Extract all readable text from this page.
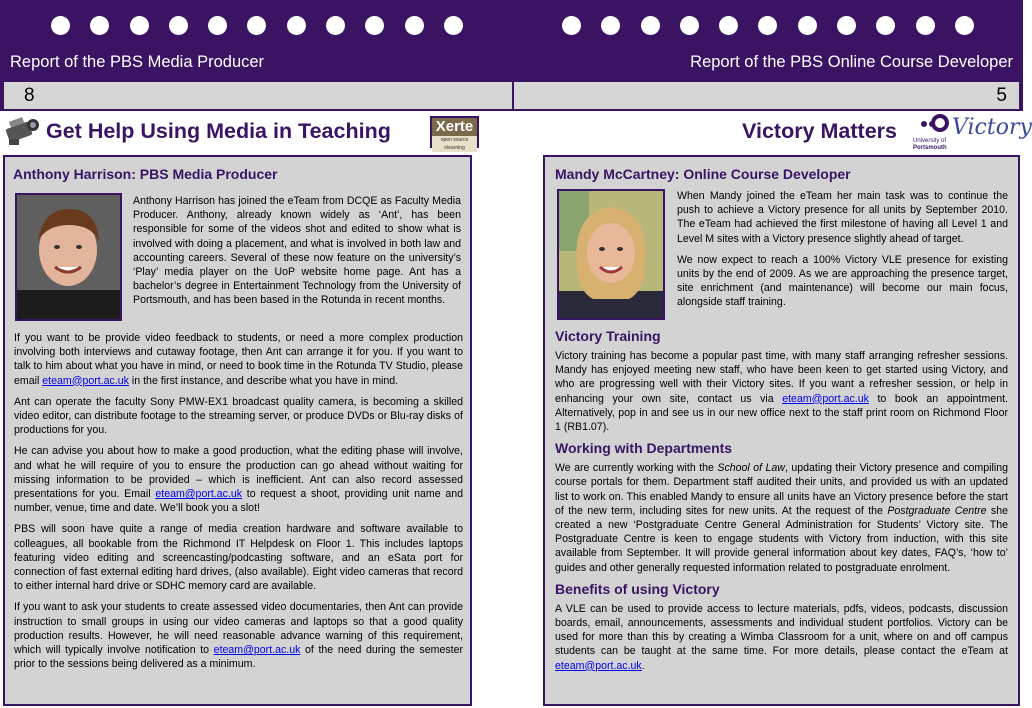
Report of the PBS Media Producer	Report of the PBS Online Course Developer
8	5
Get Help Using Media in Teaching	Xerte
open source elearning
Victory Matters	University of
Portsmouth
Victory
Anthony Harrison: PBS Media Producer
Anthony Harrison has joined the eTeam from DCQE as Faculty Media Producer. Anthony, already known widely as ‘Ant’, has been responsible for some of the videos shot and edited to show what is involved with doing a placement, and what is involved in both law and accounting careers. Several of these now feature on the university’s ‘Play’ media player on the UoP website home page. Ant has a bachelor’s degree in Entertainment Technology from the University of Portsmouth, and has been based in the Rotunda in recent months.

If you want to be provide video feedback to students, or need a more complex production involving both interviews and cutaway footage, then Ant can arrange it for you. If you want to talk to him about what you have in mind, or need to book time in the Rotunda TV Studio, please email eteam@port.ac.uk in the first instance, and describe what you have in mind.

Ant can operate the faculty Sony PMW-EX1 broadcast quality camera, is becoming a skilled video editor, can distribute footage to the streaming server, or produce DVDs or Blu-ray disks of productions for you.

He can advise you about how to make a good production, what the editing phase will involve, and what he will require of you to ensure the production can go ahead without waiting for missing information to be provided – which is inefficient. Ant can also record assessed presentations for you. Email eteam@port.ac.uk to request a shoot, providing unit name and number, venue, time and date. We’ll book you a slot!

PBS will soon have quite a range of media creation hardware and software available to colleagues, all bookable from the Richmond IT Helpdesk on Floor 1. This includes laptops featuring video editing and screencasting/podcasting software, and an eSata port for connection of fast external editing hard drives, (also available). Eight video cameras that record to either internal hard drive or SDHC memory card are available.

If you want to ask your students to create assessed video documentaries, then Ant can provide instruction to small groups in using our video cameras and laptops so that a good quality production results. However, he will need reasonable advance warning of this requirement, which will typically involve notification to eteam@port.ac.uk of the need during the semester prior to the sessions being delivered as a minimum.

Mandy McCartney: Online Course Developer

When Mandy joined the eTeam her main task was to continue the push to achieve a Victory presence for all units by September 2010. The eTeam had achieved the first milestone of having all Level 1 and Level M sites with a Victory presence slightly ahead of target.

We now expect to reach a 100% Victory VLE presence for existing units by the end of 2009. As we are approaching the presence target, site enrichment (and maintenance) will become our main focus, alongside staff training.

Victory Training
Victory training has become a popular past time, with many staff arranging refresher sessions. Mandy has enjoyed meeting new staff, who have been keen to get started using Victory, and who are progressing well with their Victory sites. If you want a refresher session, or help in enhancing your own site, contact us via eteam@port.ac.uk to book an appointment. Alternatively, pop in and see us in our new office next to the staff print room on Richmond Floor 1 (RB1.07).
Working with Departments
We are currently working with the School of Law, updating their Victory presence and compiling course portals for them. Department staff audited their units, and provided us with an updated list to work on. This enabled Mandy to ensure all units have an Victory presence before the start of the new term, including sites for new units. At the request of the Postgraduate Centre she created a new ‘Postgraduate Centre General Administration for Students’ Victory site. The Postgraduate Centre is keen to engage students with Victory from induction, with this site available from September. It will provide general information about key dates, FAQ’s, ‘how to’ guides and other generally requested information related to postgraduate enrolment.
Benefits of using Victory
A VLE can be used to provide access to lecture materials, pdfs, videos, podcasts, discussion boards, email, announcements, assessments and individual student portfolios. Victory can be used for more than this by creating a Wimba Classroom for a unit, where on and off campus students can be taught at the same time. For more details, please contact the eTeam at eteam@port.ac.uk.
